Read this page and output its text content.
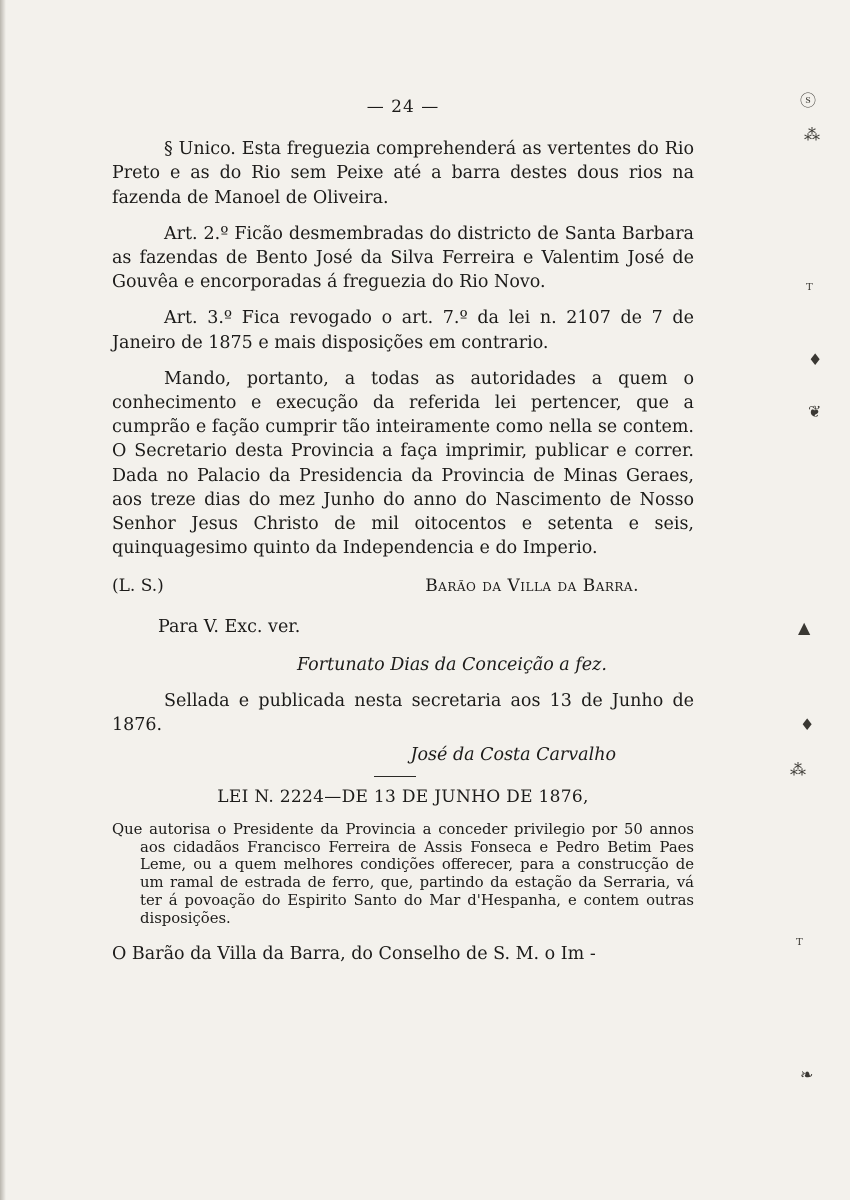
— 24 —

§ Unico. Esta freguezia comprehenderá as vertentes do Rio Preto e as do Rio sem Peixe até a barra destes dous rios na fazenda de Manoel de Oliveira.

Art. 2.º Ficão desmembradas do districto de Santa Barbara as fazendas de Bento José da Silva Ferreira e Valentim José de Gouvêa e encorporadas á freguezia do Rio Novo.

Art. 3.º Fica revogado o art. 7.º da lei n. 2107 de 7 de Janeiro de 1875 e mais disposições em contrario.

Mando, portanto, a todas as autoridades a quem o conhecimento e execução da referida lei pertencer, que a cumprão e fação cumprir tão inteiramente como nella se contem. O Secretario desta Provincia a faça imprimir, publicar e correr. Dada no Palacio da Presidencia da Provincia de Minas Geraes, aos treze dias do mez Junho do anno do Nascimento de Nosso Senhor Jesus Christo de mil oitocentos e setenta e seis, quinquagesimo quinto da Independencia e do Imperio.

(L. S.)	Barão da Villa da Barra.
Para V. Exc. ver.
Fortunato Dias da Conceição a fez.

Sellada e publicada nesta secretaria aos 13 de Junho de 1876.

José da Costa Carvalho
LEI N. 2224—DE 13 DE JUNHO DE 1876,
Que autorisa o Presidente da Provincia a conceder privilegio por 50 annos aos cidadãos Francisco Ferreira de Assis Fonseca e Pedro Betim Paes Leme, ou a quem melhores condições offerecer, para a construcção de um ramal de estrada de ferro, que, partindo da estação da Serraria, vá ter á povoação do Espirito Santo do Mar d'Hespanha, e contem outras disposições.

O Barão da Villa da Barra, do Conselho de S. M. o Im -

ⓢ
⁂
ᵀ
♦
❦
▲
♦
⁂
ᵀ
❧
